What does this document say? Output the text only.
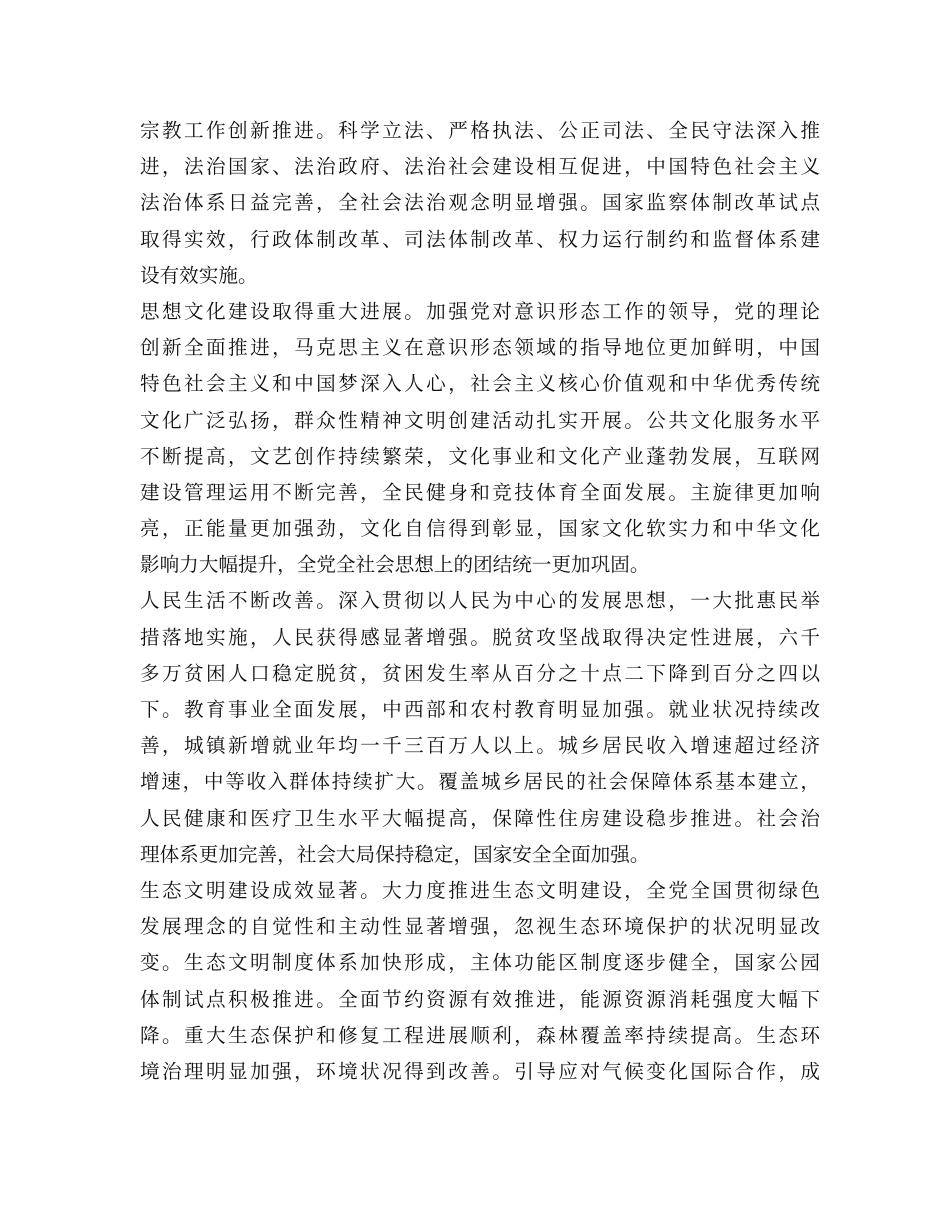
宗教工作创新推进。科学立法、严格执法、公正司法、全民守法深入推
进，法治国家、法治政府、法治社会建设相互促进，中国特色社会主义
法治体系日益完善，全社会法治观念明显增强。国家监察体制改革试点
取得实效，行政体制改革、司法体制改革、权力运行制约和监督体系建
设有效实施。
思想文化建设取得重大进展。加强党对意识形态工作的领导，党的理论
创新全面推进，马克思主义在意识形态领域的指导地位更加鲜明，中国
特色社会主义和中国梦深入人心，社会主义核心价值观和中华优秀传统
文化广泛弘扬，群众性精神文明创建活动扎实开展。公共文化服务水平
不断提高，文艺创作持续繁荣，文化事业和文化产业蓬勃发展，互联网
建设管理运用不断完善，全民健身和竞技体育全面发展。主旋律更加响
亮，正能量更加强劲，文化自信得到彰显，国家文化软实力和中华文化
影响力大幅提升，全党全社会思想上的团结统一更加巩固。
人民生活不断改善。深入贯彻以人民为中心的发展思想，一大批惠民举
措落地实施，人民获得感显著增强。脱贫攻坚战取得决定性进展，六千
多万贫困人口稳定脱贫，贫困发生率从百分之十点二下降到百分之四以
下。教育事业全面发展，中西部和农村教育明显加强。就业状况持续改
善，城镇新增就业年均一千三百万人以上。城乡居民收入增速超过经济
增速，中等收入群体持续扩大。覆盖城乡居民的社会保障体系基本建立，
人民健康和医疗卫生水平大幅提高，保障性住房建设稳步推进。社会治
理体系更加完善，社会大局保持稳定，国家安全全面加强。
生态文明建设成效显著。大力度推进生态文明建设，全党全国贯彻绿色
发展理念的自觉性和主动性显著增强，忽视生态环境保护的状况明显改
变。生态文明制度体系加快形成，主体功能区制度逐步健全，国家公园
体制试点积极推进。全面节约资源有效推进，能源资源消耗强度大幅下
降。重大生态保护和修复工程进展顺利，森林覆盖率持续提高。生态环
境治理明显加强，环境状况得到改善。引导应对气候变化国际合作，成
